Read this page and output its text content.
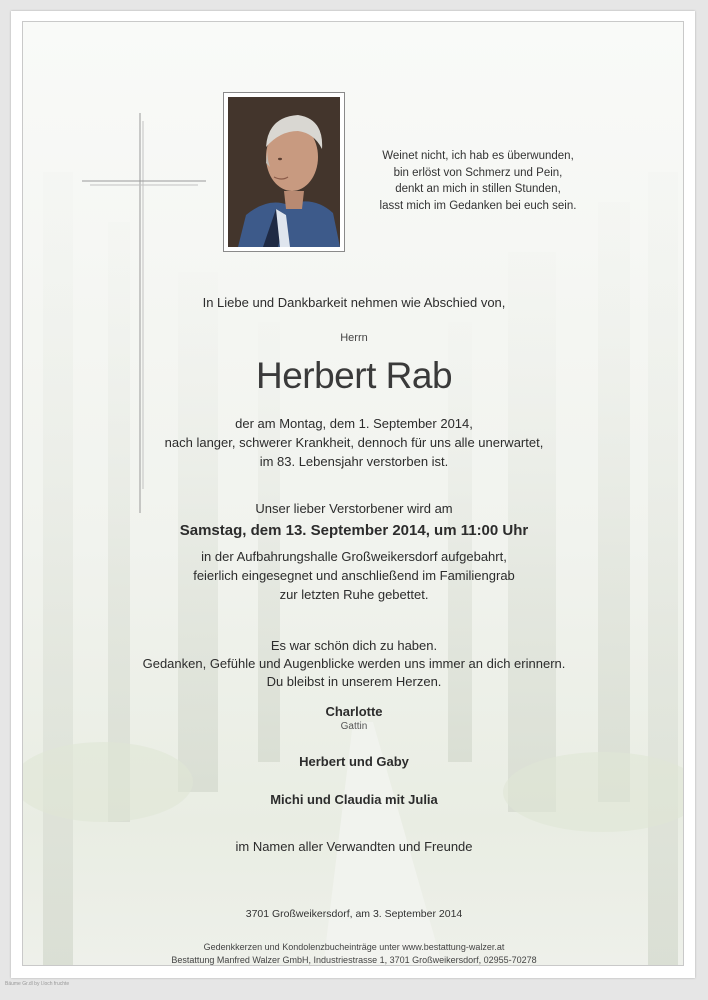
Weinet nicht, ich hab es überwunden,
bin erlöst von Schmerz und Pein,
denkt an mich in stillen Stunden,
lasst mich im Gedanken bei euch sein.
In Liebe und Dankbarkeit nehmen wie Abschied von,
Herrn
Herbert Rab
der am Montag, dem 1. September 2014,
nach langer, schwerer Krankheit, dennoch für uns alle unerwartet,
im 83. Lebensjahr verstorben ist.
Unser lieber Verstorbener wird am
Samstag, dem 13. September 2014, um 11:00 Uhr
in der Aufbahrungshalle Großweikersdorf aufgebahrt,
feierlich eingesegnet und anschließend im Familiengrab
zur letzten Ruhe gebettet.
Es war schön dich zu haben.
Gedanken, Gefühle und Augenblicke werden uns immer an dich erinnern.
Du bleibst in unserem Herzen.
Charlotte
Gattin
Herbert und Gaby
Michi und Claudia mit Julia
im Namen aller Verwandten und Freunde
3701 Großweikersdorf, am 3. September 2014
Gedenkkerzen und Kondolenzbucheinträge unter www.bestattung-walzer.at
Bestattung Manfred Walzer GmbH, Industriestrasse 1, 3701 Großweikersdorf, 02955-70278
Bäume Gr.dl by l.loch fruchte
